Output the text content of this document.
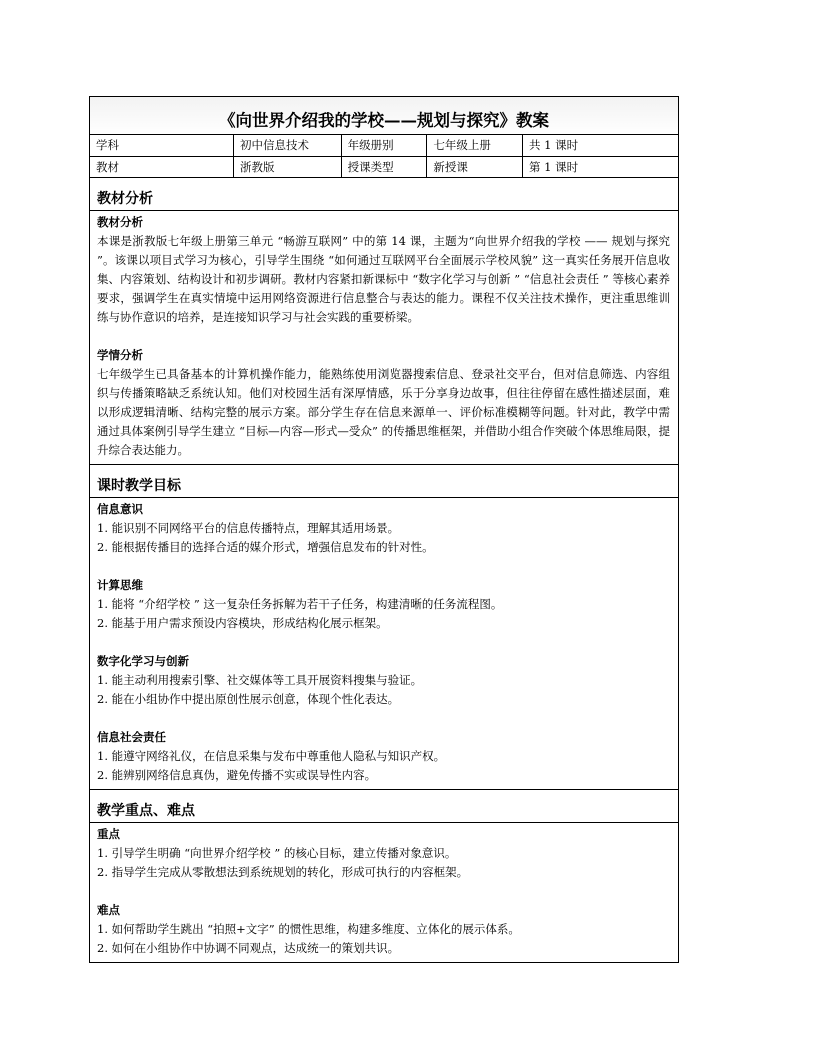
《向世界介绍我的学校——规划与探究》教案
学科	初中信息技术	年级册别	七年级上册	共 1 课时
教材	浙教版	授课类型	新授课	第 1 课时
教材分析
教材分析
本课是浙教版七年级上册第三单元 “畅游互联网” 中的第 14 课，主题为“向世界介绍我的学校 —— 规划与探究 ”。该课以项目式学习为核心，引导学生围绕 “如何通过互联网平台全面展示学校风貌” 这一真实任务展开信息收集、内容策划、结构设计和初步调研。教材内容紧扣新课标中 “数字化学习与创新 ” “信息社会责任 ” 等核心素养要求，强调学生在真实情境中运用网络资源进行信息整合与表达的能力。课程不仅关注技术操作，更注重思维训练与协作意识的培养，是连接知识学习与社会实践的重要桥梁。
学情分析
七年级学生已具备基本的计算机操作能力，能熟练使用浏览器搜索信息、登录社交平台，但对信息筛选、内容组织与传播策略缺乏系统认知。他们对校园生活有深厚情感，乐于分享身边故事，但往往停留在感性描述层面，难以形成逻辑清晰、结构完整的展示方案。部分学生存在信息来源单一、评价标准模糊等问题。针对此，教学中需通过具体案例引导学生建立 “目标—内容—形式—受众” 的传播思维框架，并借助小组合作突破个体思维局限，提升综合表达能力。
课时教学目标
信息意识
1. 能识别不同网络平台的信息传播特点，理解其适用场景。
2. 能根据传播目的选择合适的媒介形式，增强信息发布的针对性。
计算思维
1. 能将 “介绍学校 ” 这一复杂任务拆解为若干子任务，构建清晰的任务流程图。
2. 能基于用户需求预设内容模块，形成结构化展示框架。
数字化学习与创新
1. 能主动利用搜索引擎、社交媒体等工具开展资料搜集与验证。
2. 能在小组协作中提出原创性展示创意，体现个性化表达。
信息社会责任
1. 能遵守网络礼仪，在信息采集与发布中尊重他人隐私与知识产权。
2. 能辨别网络信息真伪，避免传播不实或误导性内容。
教学重点、难点
重点
1. 引导学生明确 “向世界介绍学校 ” 的核心目标，建立传播对象意识。
2. 指导学生完成从零散想法到系统规划的转化，形成可执行的内容框架。
难点
1. 如何帮助学生跳出 “拍照+文字” 的惯性思维，构建多维度、立体化的展示体系。
2. 如何在小组协作中协调不同观点，达成统一的策划共识。
